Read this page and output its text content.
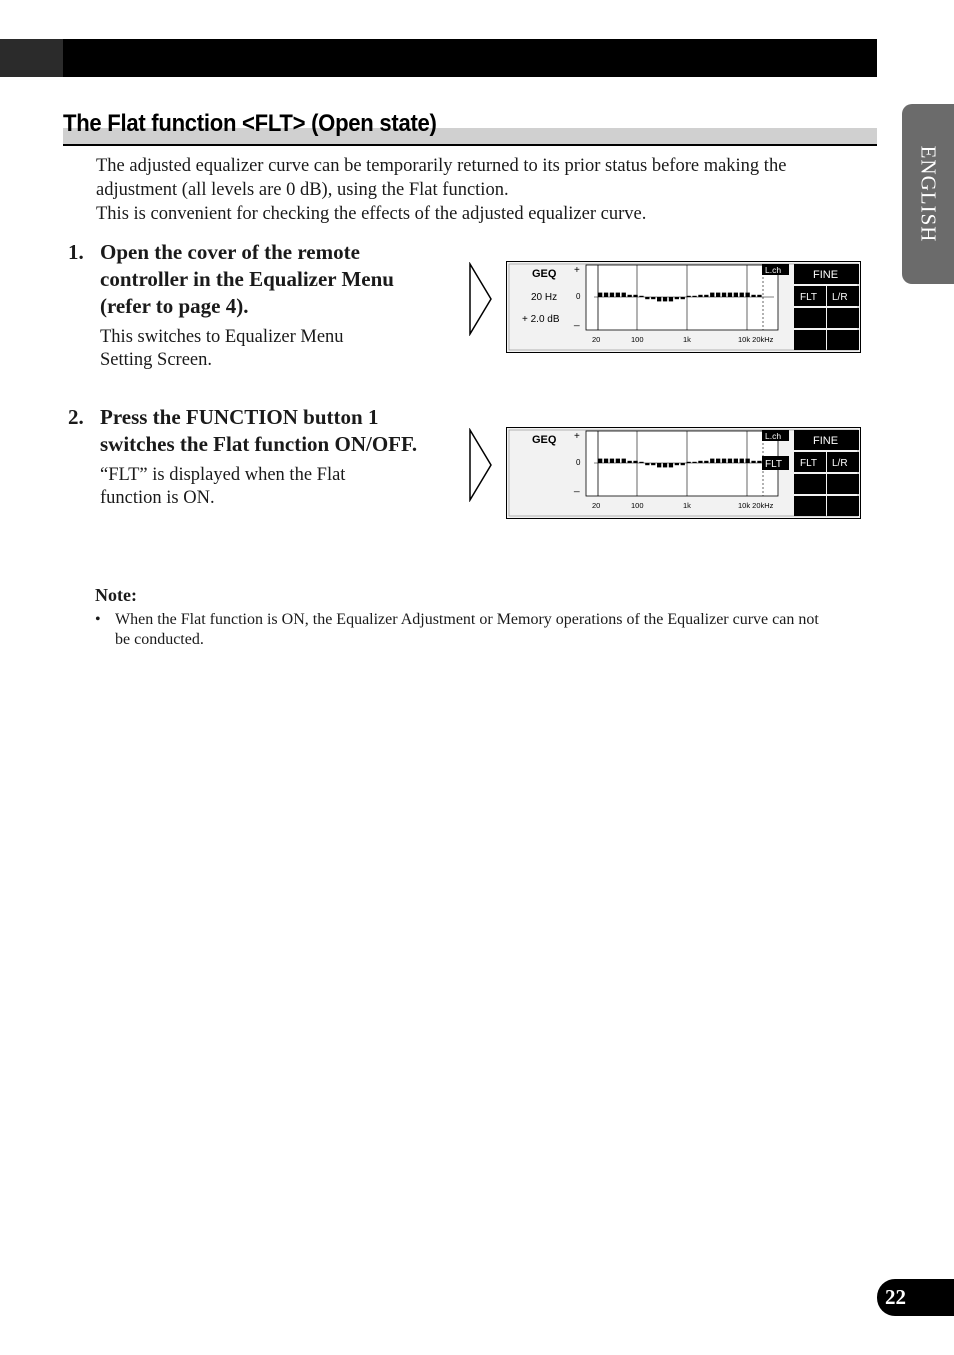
The Flat function <FLT> (Open state)

The adjusted equalizer curve can be temporarily returned to its prior status before making the adjustment (all levels are 0 dB), using the Flat function.

This is convenient for checking the effects of the adjusted equalizer curve.

1. Open the cover of the remote controller in the Equalizer Menu (refer to page 4).
This switches to Equalizer Menu Setting Screen.
2. Press the FUNCTION button 1 switches the Flat function ON/OFF.
“FLT” is displayed when the Flat function is ON.
GEQ
20 Hz
+ 2.0 dB
+
0
_
20	100	1k	10k 20kHz
L.ch	FINE
FLT L/R
GEQ +
0
_
20	100	1k	10k 20kHz
L.ch
FLT
FINE
FLT L/R

Note:

• When the Flat function is ON, the Equalizer Adjustment or Memory operations of the Equalizer curve can not be conducted.

ENGLISH
22
